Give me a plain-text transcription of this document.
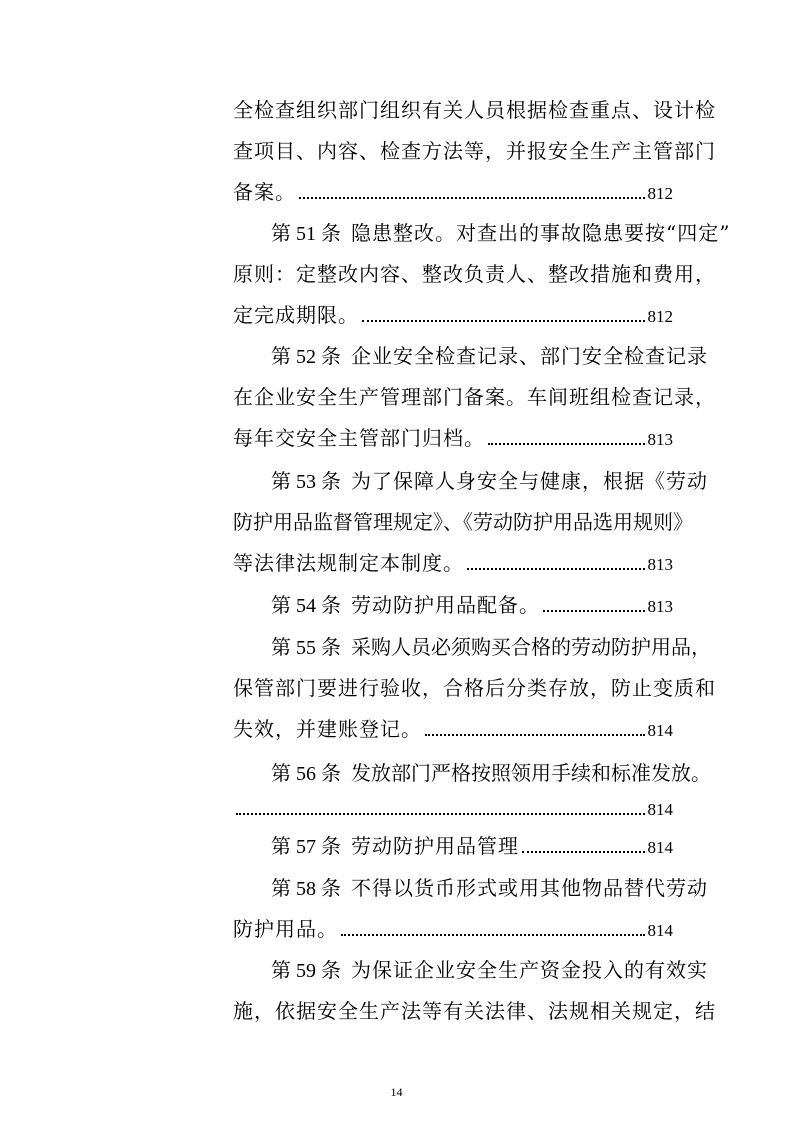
全检查组织部门组织有关人员根据检查重点、设计检
查项目、内容、检查方法等，并报安全生产主管部门
备案。	812
第 51 条 隐患整改。对查出的事故隐患要按“四定”
原则：定整改内容、整改负责人、整改措施和费用，
定完成期限。	812
第 52 条 企业安全检查记录、部门安全检查记录
在企业安全生产管理部门备案。车间班组检查记录，
每年交安全主管部门归档。	813
第 53 条 为了保障人身安全与健康，根据《劳动
防护用品监督管理规定》、《劳动防护用品选用规则》
等法律法规制定本制度。	813
第 54 条 劳动防护用品配备。	813
第 55 条 采购人员必须购买合格的劳动防护用品，
保管部门要进行验收，合格后分类存放，防止变质和
失效，并建账登记。	814
第 56 条 发放部门严格按照领用手续和标准发放。
814
第 57 条 劳动防护用品管理	814
第 58 条 不得以货币形式或用其他物品替代劳动
防护用品。	814
第 59 条 为保证企业安全生产资金投入的有效实
施，依据安全生产法等有关法律、法规相关规定，结
14
